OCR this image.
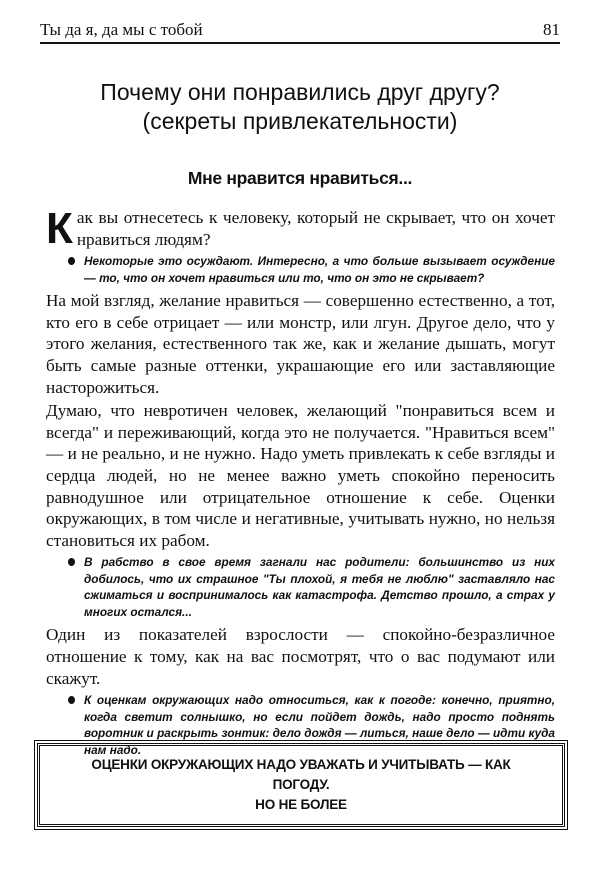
Ты да я, да мы с тобой	81
Почему они понравились друг другу?
(секреты привлекательности)
Мне нравится нравиться...

Как вы отнесетесь к человеку, который не скрывает, что он хочет нравиться людям?

Некоторые это осуждают. Интересно, а что больше вызывает осуждение — то, что он хочет нравиться или то, что он это не скрывает?

На мой взгляд, желание нравиться — совершенно естественно, а тот, кто его в себе отрицает — или монстр, или лгун. Другое дело, что у этого желания, естественного так же, как и желание дышать, могут быть самые разные оттенки, украшающие его или заставляющие насторожиться.

Думаю, что невротичен человек, желающий "понравиться всем и всегда" и переживающий, когда это не получается. "Нравиться всем" — и не реально, и не нужно. Надо уметь привлекать к себе взгляды и сердца людей, но не менее важно уметь спокойно переносить равнодушное или отрицательное отношение к себе. Оценки окружающих, в том числе и негативные, учитывать нужно, но нельзя становиться их рабом.

В рабство в свое время загнали нас родители: большинство из них добилось, что их страшное "Ты плохой, я тебя не люблю" заставляло нас сжиматься и воспринималось как катастрофа. Детство прошло, а страх у многих остался...

Один из показателей взрослости — спокойно-безразличное отношение к тому, как на вас посмотрят, что о вас подумают или скажут.

К оценкам окружающих надо относиться, как к погоде: конечно, приятно, когда светит солнышко, но если пойдет дождь, надо просто поднять воротник и раскрыть зонтик: дело дождя — литься, наше дело — идти куда нам надо.
ОЦЕНКИ ОКРУЖАЮЩИХ НАДО УВАЖАТЬ И УЧИТЫВАТЬ — КАК ПОГОДУ.
НО НЕ БОЛЕЕ
